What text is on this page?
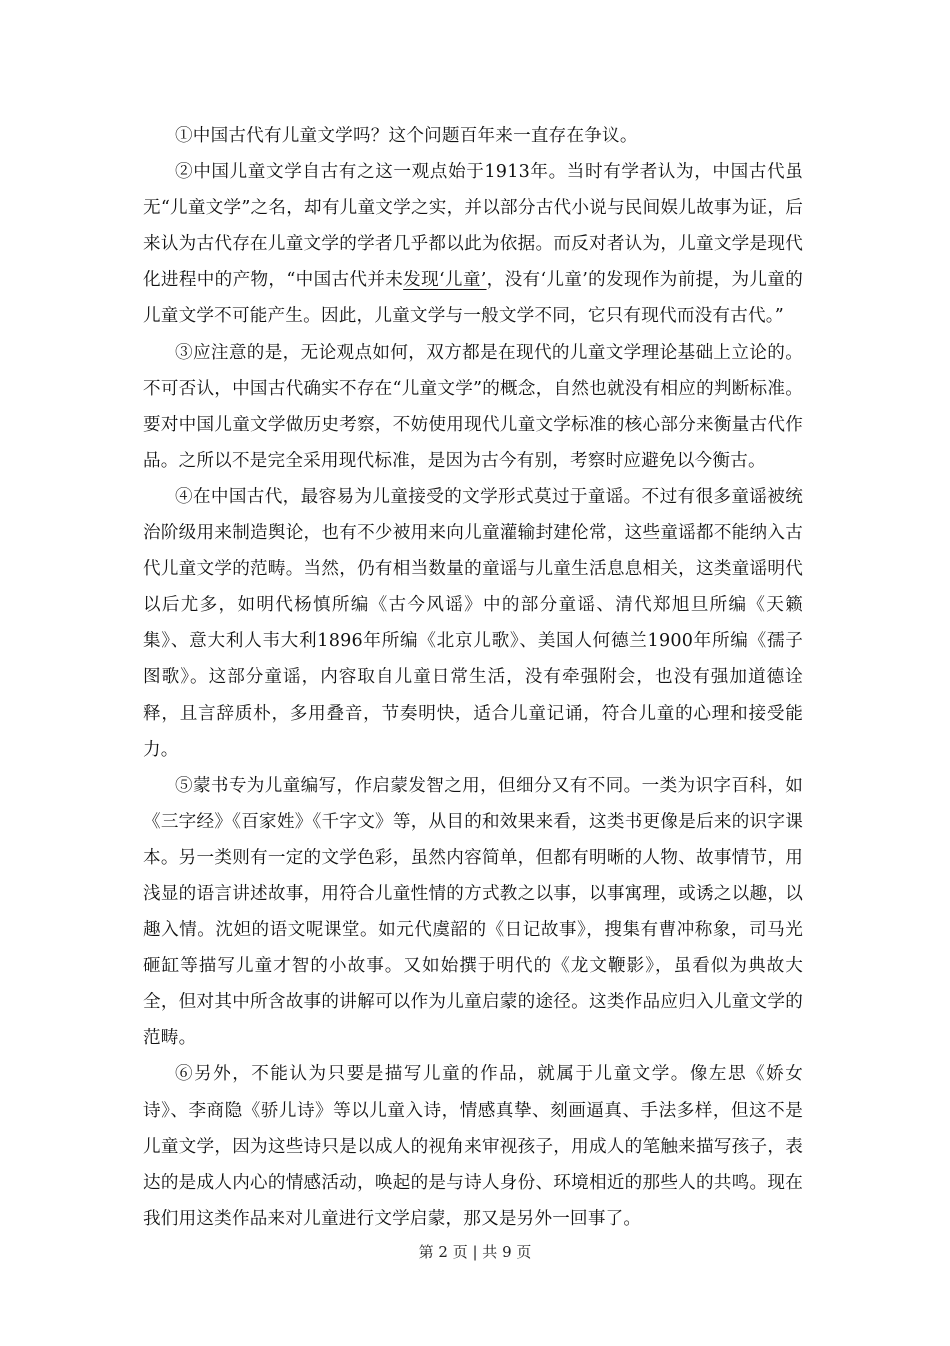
①中国古代有儿童文学吗？这个问题百年来一直存在争议。

②中国儿童文学自古有之这一观点始于1913年。当时有学者认为，中国古代虽无“儿童文学”之名，却有儿童文学之实，并以部分古代小说与民间娱儿故事为证，后来认为古代存在儿童文学的学者几乎都以此为依据。而反对者认为，儿童文学是现代化进程中的产物，“中国古代并未发现‘儿童’，没有‘儿童’的发现作为前提，为儿童的儿童文学不可能产生。因此，儿童文学与一般文学不同，它只有现代而没有古代。”

③应注意的是，无论观点如何，双方都是在现代的儿童文学理论基础上立论的。不可否认，中国古代确实不存在“儿童文学”的概念，自然也就没有相应的判断标准。要对中国儿童文学做历史考察，不妨使用现代儿童文学标准的核心部分来衡量古代作品。之所以不是完全采用现代标准，是因为古今有别，考察时应避免以今衡古。

④在中国古代，最容易为儿童接受的文学形式莫过于童谣。不过有很多童谣被统治阶级用来制造舆论，也有不少被用来向儿童灌输封建伦常，这些童谣都不能纳入古代儿童文学的范畴。当然，仍有相当数量的童谣与儿童生活息息相关，这类童谣明代以后尤多，如明代杨慎所编《古今风谣》中的部分童谣、清代郑旭旦所编《天籁集》、意大利人韦大利1896年所编《北京儿歌》、美国人何德兰1900年所编《孺子图歌》。这部分童谣，内容取自儿童日常生活，没有牵强附会，也没有强加道德诠释，且言辞质朴，多用叠音，节奏明快，适合儿童记诵，符合儿童的心理和接受能力。

⑤蒙书专为儿童编写，作启蒙发智之用，但细分又有不同。一类为识字百科，如《三字经》《百家姓》《千字文》等，从目的和效果来看，这类书更像是后来的识字课本。另一类则有一定的文学色彩，虽然内容简单，但都有明晰的人物、故事情节，用浅显的语言讲述故事，用符合儿童性情的方式教之以事，以事寓理，或诱之以趣，以趣入情。沈妲的语文呢课堂。如元代虞韶的《日记故事》，搜集有曹冲称象，司马光砸缸等描写儿童才智的小故事。又如始撰于明代的《龙文鞭影》，虽看似为典故大全，但对其中所含故事的讲解可以作为儿童启蒙的途径。这类作品应归入儿童文学的范畴。

⑥另外，不能认为只要是描写儿童的作品，就属于儿童文学。像左思《娇女诗》、李商隐《骄儿诗》等以儿童入诗，情感真挚、刻画逼真、手法多样，但这不是儿童文学，因为这些诗只是以成人的视角来审视孩子，用成人的笔触来描写孩子，表达的是成人内心的情感活动，唤起的是与诗人身份、环境相近的那些人的共鸣。现在我们用这类作品来对儿童进行文学启蒙，那又是另外一回事了。

第 2 页 | 共 9 页
